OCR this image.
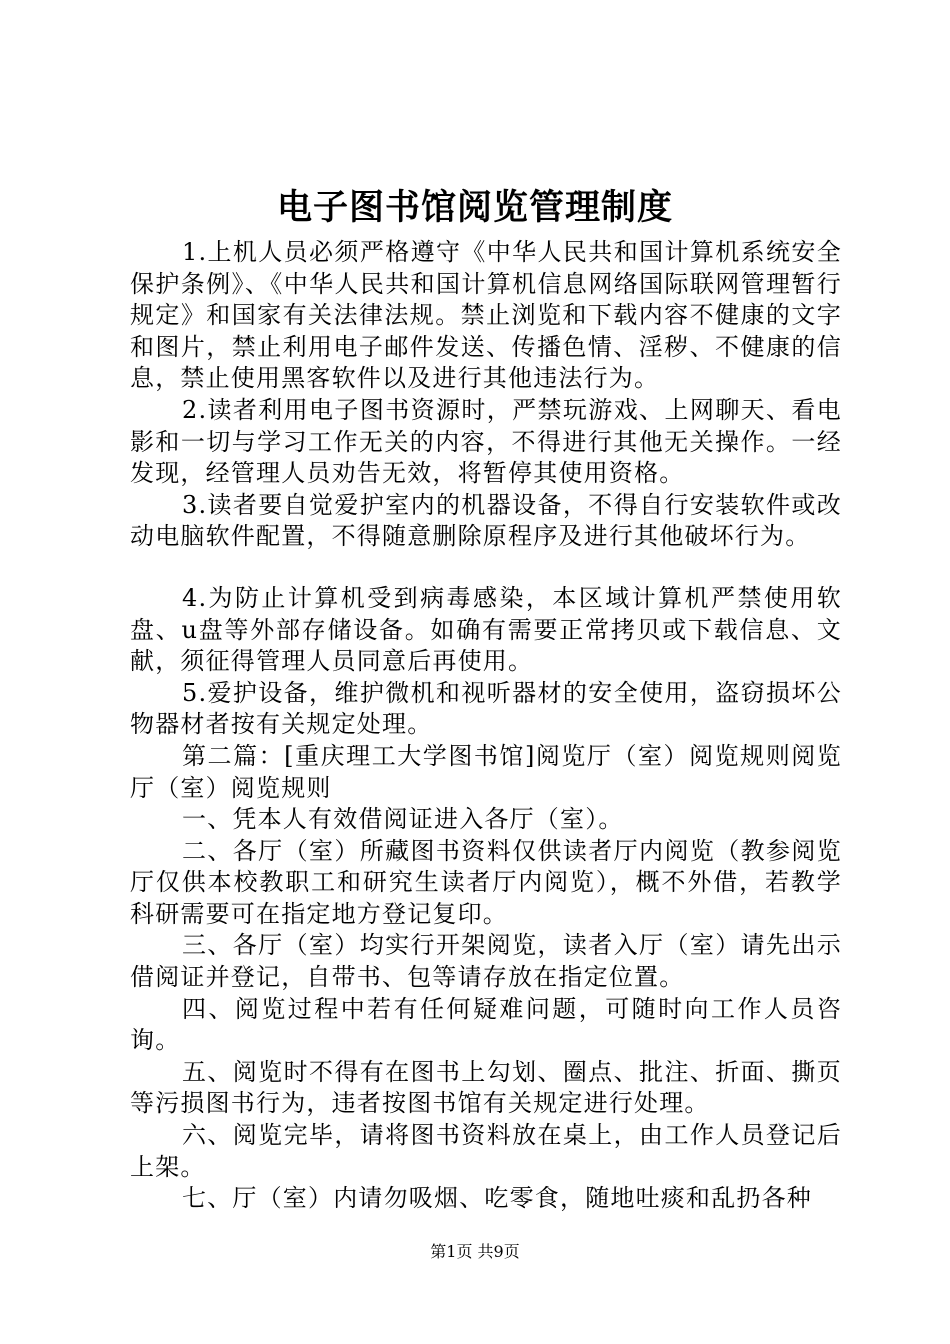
电子图书馆阅览管理制度

1.上机人员必须严格遵守《中华人民共和国计算机系统安全保护条例》、《中华人民共和国计算机信息网络国际联网管理暂行规定》和国家有关法律法规。禁止浏览和下载内容不健康的文字和图片，禁止利用电子邮件发送、传播色情、淫秽、不健康的信息，禁止使用黑客软件以及进行其他违法行为。

2.读者利用电子图书资源时，严禁玩游戏、上网聊天、看电影和一切与学习工作无关的内容，不得进行其他无关操作。一经发现，经管理人员劝告无效，将暂停其使用资格。

3.读者要自觉爱护室内的机器设备，不得自行安装软件或改动电脑软件配置，不得随意删除原程序及进行其他破坏行为。

4.为防止计算机受到病毒感染，本区域计算机严禁使用软盘、u盘等外部存储设备。如确有需要正常拷贝或下载信息、文献，须征得管理人员同意后再使用。

5.爱护设备，维护微机和视听器材的安全使用，盗窃损坏公物器材者按有关规定处理。

第二篇：[重庆理工大学图书馆]阅览厅（室）阅览规则阅览厅（室）阅览规则

一、凭本人有效借阅证进入各厅（室）。

二、各厅（室）所藏图书资料仅供读者厅内阅览（教参阅览厅仅供本校教职工和研究生读者厅内阅览），概不外借，若教学科研需要可在指定地方登记复印。

三、各厅（室）均实行开架阅览，读者入厅（室）请先出示借阅证并登记，自带书、包等请存放在指定位置。

四、阅览过程中若有任何疑难问题，可随时向工作人员咨询。

五、阅览时不得有在图书上勾划、圈点、批注、折面、撕页等污损图书行为，违者按图书馆有关规定进行处理。

六、阅览完毕，请将图书资料放在桌上，由工作人员登记后上架。

七、厅（室）内请勿吸烟、吃零食，随地吐痰和乱扔各种

第1页 共9页
